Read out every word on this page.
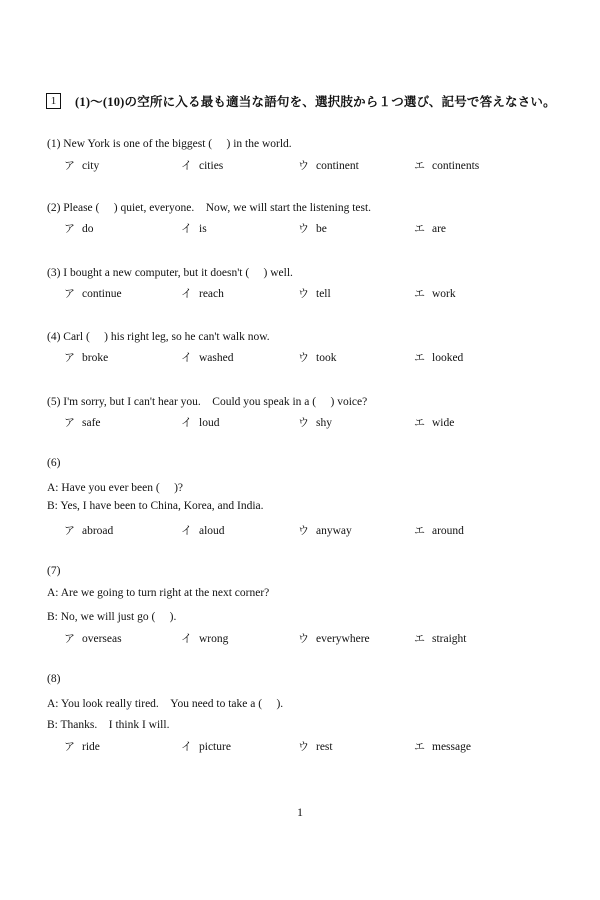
1	(1)〜(10)の空所に入る最も適当な語句を、選択肢から１つ選び、記号で答えなさい。
(1) New York is one of the biggest (　 ) in the world.
ア city	イ cities	ウ continent	エ continents
(2) Please (　 ) quiet, everyone.　Now, we will start the listening test.
ア do	イ is	ウ be	エ are
(3) I bought a new computer, but it doesn't (　 ) well.
ア continue	イ reach	ウ tell	エ work
(4) Carl (　 ) his right leg, so he can't walk now.
ア broke	イ washed	ウ took	エ looked
(5) I'm sorry, but I can't hear you.　Could you speak in a (　 ) voice?
ア safe	イ loud	ウ shy	エ wide
(6)
A: Have you ever been (　 )?
B: Yes, I have been to China, Korea, and India.
ア abroad	イ aloud	ウ anyway	エ around
(7)
A: Are we going to turn right at the next corner?
B: No, we will just go (　 ).
ア overseas	イ wrong	ウ everywhere	エ straight
(8)
A: You look really tired.　You need to take a (　 ).
B: Thanks.　I think I will.
ア ride	イ picture	ウ rest	エ message
1
